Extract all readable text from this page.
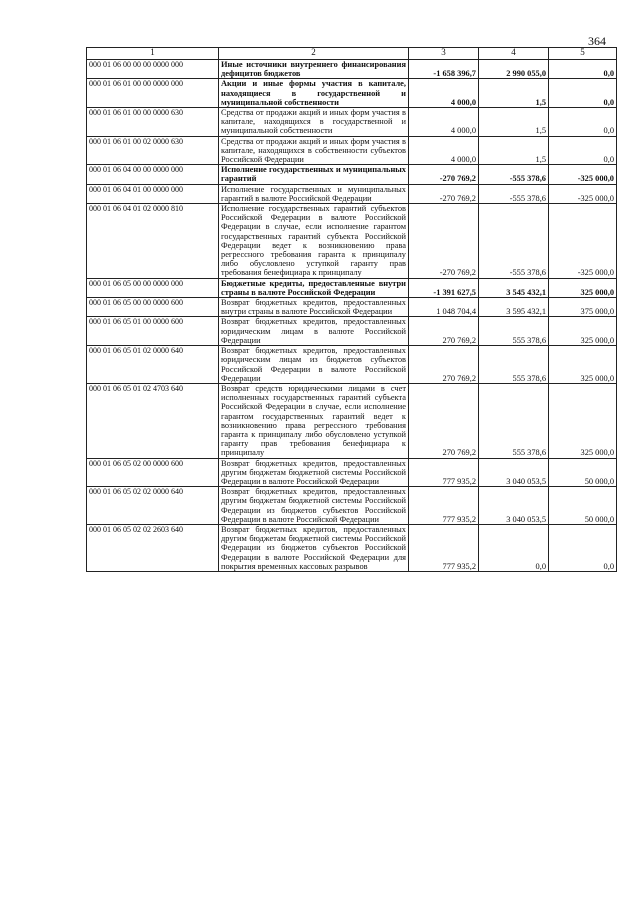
364
1	2	3	4	5
000 01 06 00 00 00 0000 000	Иные источники внутреннего финансирования дефицитов бюджетов	-1 658 396,7	2 990 055,0	0,0
000 01 06 01 00 00 0000 000	Акции и иные формы участия в капитале, находящиеся в государственной и муниципальной собственности	4 000,0	1,5	0,0
000 01 06 01 00 00 0000 630	Средства от продажи акций и иных форм участия в капитале, находящихся в государственной и муниципальной собственности	4 000,0	1,5	0,0
000 01 06 01 00 02 0000 630	Средства от продажи акций и иных форм участия в капитале, находящихся в собственности субъектов Российской Федерации	4 000,0	1,5	0,0
000 01 06 04 00 00 0000 000	Исполнение государственных и муниципальных гарантий	-270 769,2	-555 378,6	-325 000,0
000 01 06 04 01 00 0000 000	Исполнение государственных и муниципальных гарантий в валюте Российской Федерации	-270 769,2	-555 378,6	-325 000,0
000 01 06 04 01 02 0000 810	Исполнение государственных гарантий субъектов Российской Федерации в валюте Российской Федерации в случае, если исполнение гарантом государственных гарантий субъекта Российской Федерации ведет к возникновению права регрессного требования гаранта к принципалу либо обусловлено уступкой гаранту прав требования бенефициара к принципалу	-270 769,2	-555 378,6	-325 000,0
000 01 06 05 00 00 0000 000	Бюджетные кредиты, предоставленные внутри страны в валюте Российской Федерации	-1 391 627,5	3 545 432,1	325 000,0
000 01 06 05 00 00 0000 600	Возврат бюджетных кредитов, предоставленных внутри страны в валюте Российской Федерации	1 048 704,4	3 595 432,1	375 000,0
000 01 06 05 01 00 0000 600	Возврат бюджетных кредитов, предоставленных юридическим лицам в валюте Российской Федерации	270 769,2	555 378,6	325 000,0
000 01 06 05 01 02 0000 640	Возврат бюджетных кредитов, предоставленных юридическим лицам из бюджетов субъектов Российской Федерации в валюте Российской Федерации	270 769,2	555 378,6	325 000,0
000 01 06 05 01 02 4703 640	Возврат средств юридическими лицами в счет исполненных государственных гарантий субъекта Российской Федерации в случае, если исполнение гарантом государственных гарантий ведет к возникновению права регрессного требования гаранта к принципалу либо обусловлено уступкой гаранту прав требования бенефициара к принципалу	270 769,2	555 378,6	325 000,0
000 01 06 05 02 00 0000 600	Возврат бюджетных кредитов, предоставленных другим бюджетам бюджетной системы Российской Федерации в валюте Российской Федерации	777 935,2	3 040 053,5	50 000,0
000 01 06 05 02 02 0000 640	Возврат бюджетных кредитов, предоставленных другим бюджетам бюджетной системы Российской Федерации из бюджетов субъектов Российской Федерации в валюте Российской Федерации	777 935,2	3 040 053,5	50 000,0
000 01 06 05 02 02 2603 640	Возврат бюджетных кредитов, предоставленных другим бюджетам бюджетной системы Российской Федерации из бюджетов субъектов Российской Федерации в валюте Российской Федерации для покрытия временных кассовых разрывов	777 935,2	0,0	0,0
